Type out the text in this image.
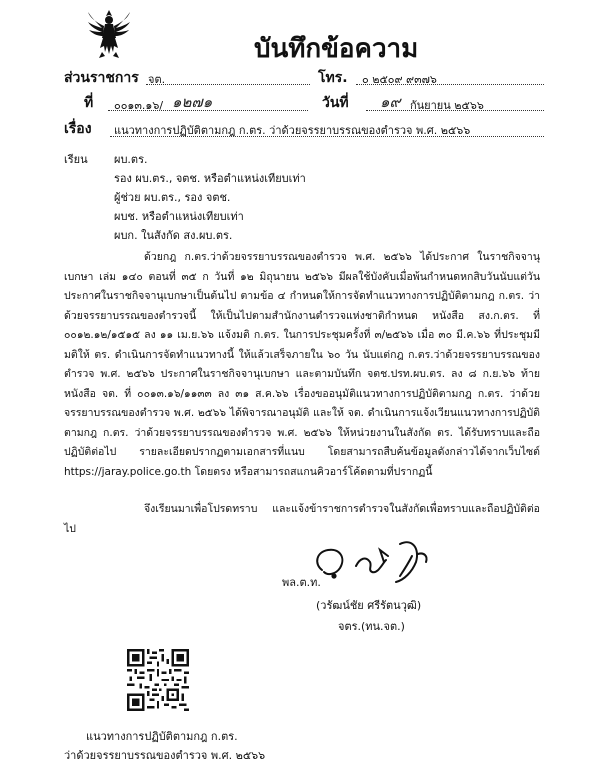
บันทึกข้อความ
ส่วนราชการ จต.	โทร. ๐ ๒๕๐๙ ๙๓๗๖
ที่ ๐๐๑๓.๑๖/ ๑๒๗๑	วันที่ ๑๙ กันยายน ๒๕๖๖
เรื่อง แนวทางการปฏิบัติตามกฎ ก.ตร. ว่าด้วยจรรยาบรรณของตำรวจ พ.ศ. ๒๕๖๖
เรียน ผบ.ตร.
รอง ผบ.ตร., จตช. หรือตำแหน่งเทียบเท่า
ผู้ช่วย ผบ.ตร., รอง จตช.
ผบช. หรือตำแหน่งเทียบเท่า
ผบก. ในสังกัด สง.ผบ.ตร.
ด้วยกฎ ก.ตร.ว่าด้วยจรรยาบรรณของตำรวจ พ.ศ. ๒๕๖๖ ได้ประกาศ ในราชกิจจานุเบกษา เล่ม ๑๔๐ ตอนที่ ๓๕ ก วันที่ ๑๒ มิถุนายน ๒๕๖๖ มีผลใช้บังคับเมื่อพ้นกำหนดหกสิบวันนับแต่วันประกาศในราชกิจจานุเบกษาเป็นต้นไป ตามข้อ ๔ กำหนดให้การจัดทำแนวทางการปฏิบัติตามกฎ ก.ตร. ว่าด้วยจรรยาบรรณของตำรวจนี้ ให้เป็นไปตามสำนักงานตำรวจแห่งชาติกำหนด หนังสือ สง.ก.ตร. ที่ ๐๐๑๒.๑๒/๑๕๑๕ ลง ๑๑ เม.ย.๖๖ แจ้งมติ ก.ตร. ในการประชุมครั้งที่ ๓/๒๕๖๖ เมื่อ ๓๐ มี.ค.๖๖ ที่ประชุมมีมติให้ ตร. ดำเนินการจัดทำแนวทางนี้ ให้แล้วเสร็จภายใน ๖๐ วัน นับแต่กฎ ก.ตร.ว่าด้วยจรรยาบรรณของตำรวจ พ.ศ. ๒๕๖๖ ประกาศในราชกิจจานุเบกษา และตามบันทึก จตช.ปรท.ผบ.ตร. ลง ๘ ก.ย.๖๖ ท้ายหนังสือ จต. ที่ ๐๐๑๓.๑๖/๑๑๓๓ ลง ๓๑ ส.ค.๖๖ เรื่องขออนุมัติแนวทางการปฏิบัติตามกฎ ก.ตร. ว่าด้วยจรรยาบรรณของตำรวจ พ.ศ. ๒๕๖๖ ได้พิจารณาอนุมัติ และให้ จต. ดำเนินการแจ้งเวียนแนวทางการปฏิบัติตามกฎ ก.ตร. ว่าด้วยจรรยาบรรณของตำรวจ พ.ศ. ๒๕๖๖ ให้หน่วยงานในสังกัด ตร. ได้รับทราบและถือปฏิบัติต่อไป รายละเอียดปรากฏตามเอกสารที่แนบ โดยสามารถสืบค้นข้อมูลดังกล่าวได้จากเว็บไซต์ https://jaray.police.go.th โดยตรง หรือสามารถสแกนคิวอาร์โค้ดตามที่ปรากฏนี้
จึงเรียนมาเพื่อโปรดทราบ และแจ้งข้าราชการตำรวจในสังกัดเพื่อทราบและถือปฏิบัติต่อไป
พล.ต.ท.
(วรัฒน์ชัย ศรีรัตนวุฒิ)
จตร.(ทน.จต.)
แนวทางการปฏิบัติตามกฎ ก.ตร.
ว่าด้วยจรรยาบรรณของตำรวจ พ.ศ. ๒๕๖๖
